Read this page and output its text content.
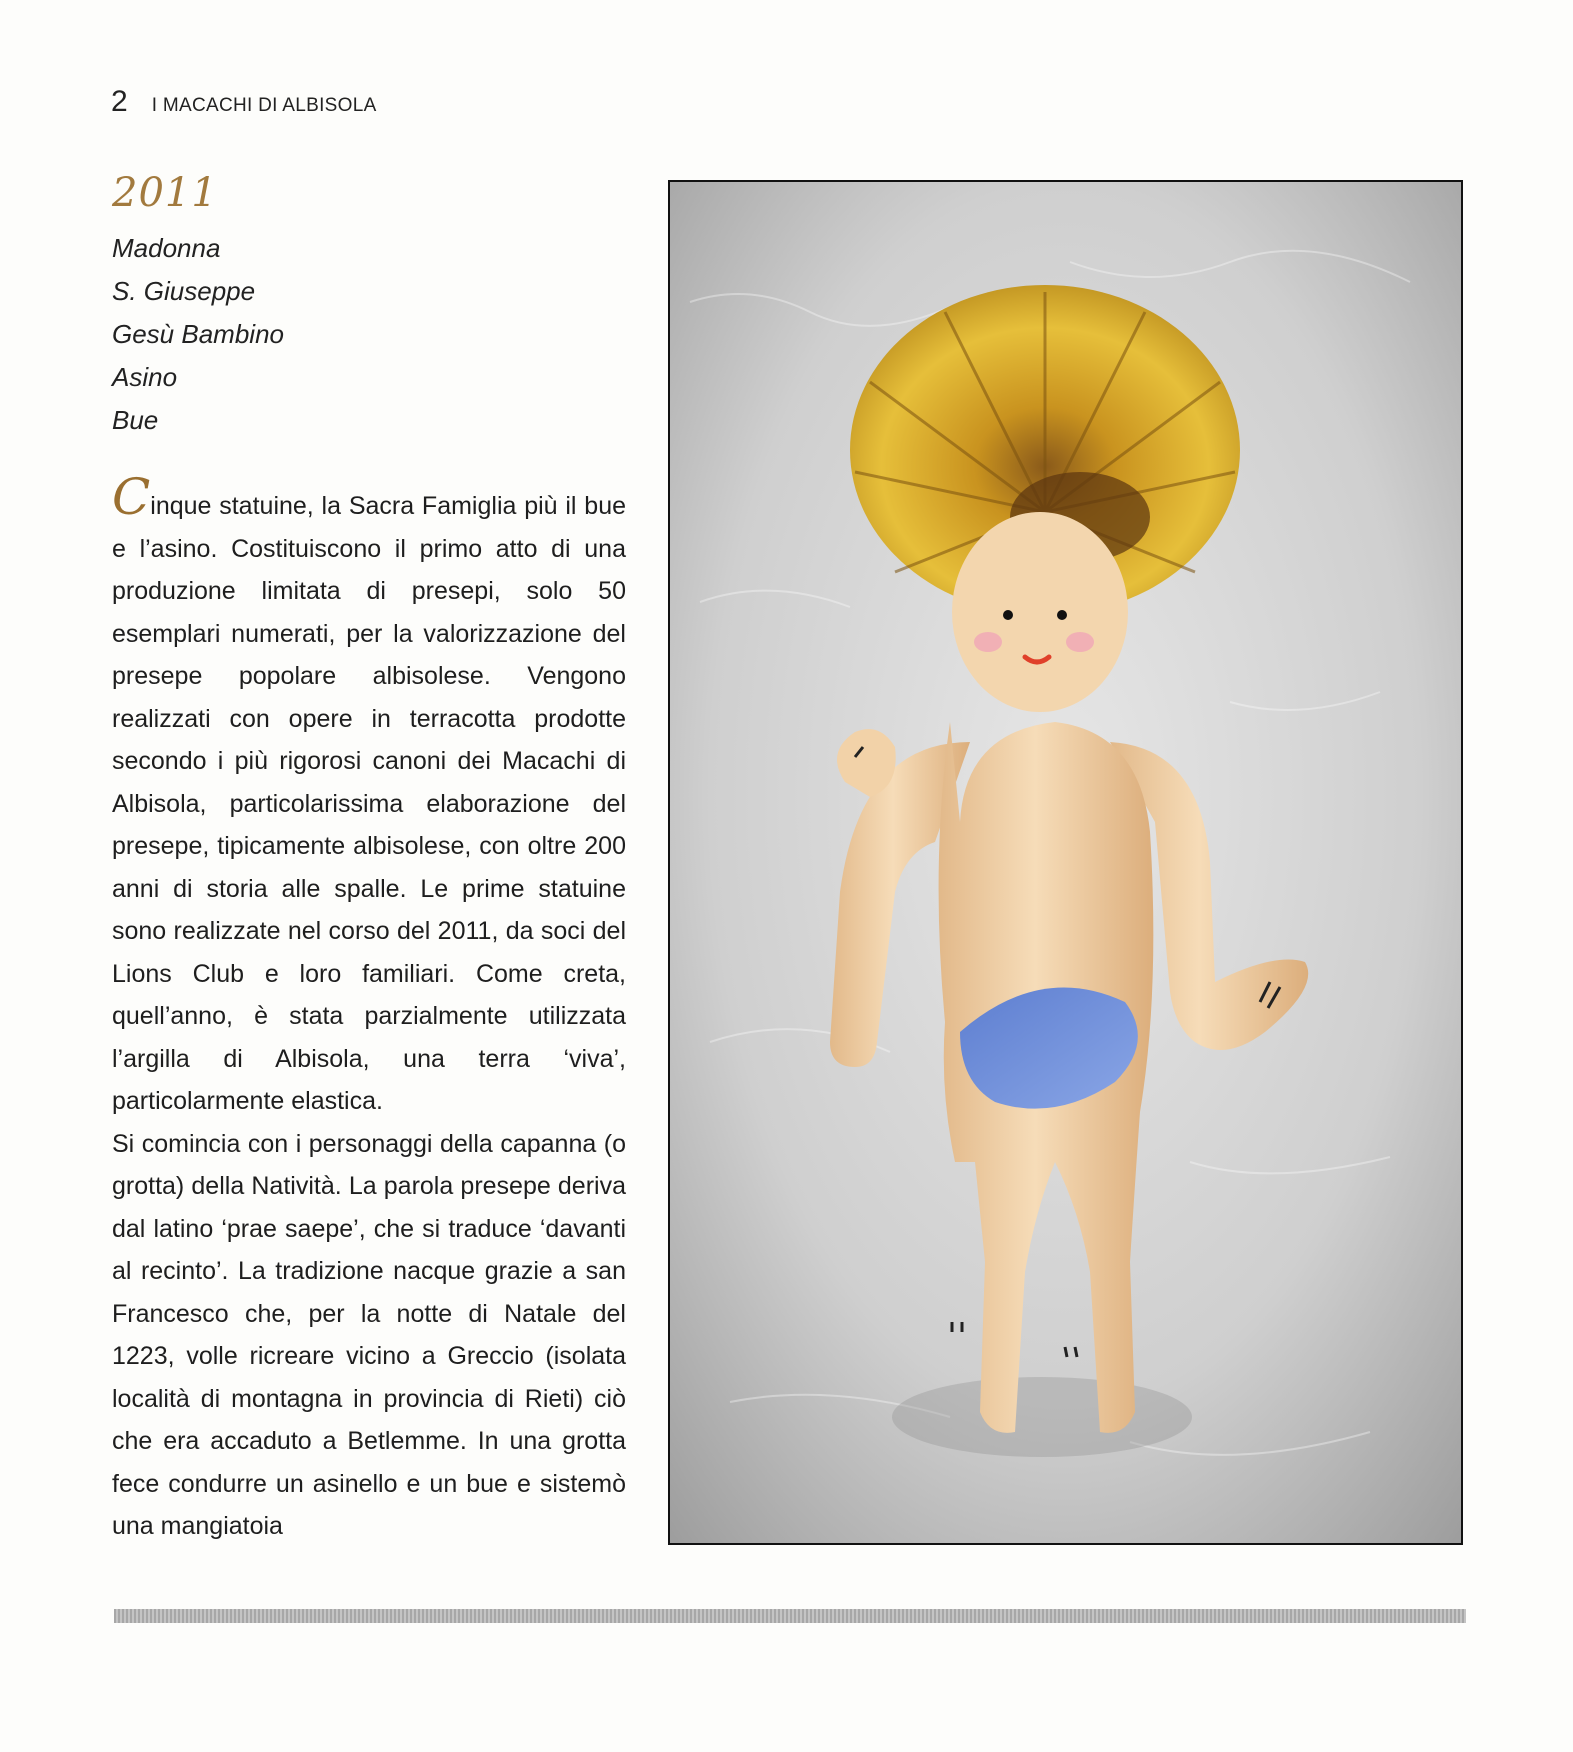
2 I MACACHI DI ALBISOLA
2011
Madonna
S. Giuseppe
Gesù Bambino
Asino
Bue

Cinque statuine, la Sacra Famiglia più il bue e l’asino. Costituiscono il primo atto di una produzione limitata di presepi, solo 50 esemplari numerati, per la valorizzazione del presepe popolare albisolese. Vengono realizzati con opere in terracotta prodotte secondo i più rigorosi canoni dei Macachi di Albisola, particolarissima elaborazione del presepe, tipicamente albisolese, con oltre 200 anni di storia alle spalle. Le prime statuine sono realizzate nel corso del 2011, da soci del Lions Club e loro familiari. Come creta, quell’anno, è stata parzialmente utilizzata l’argilla di Albisola, una terra ‘viva’, particolarmente elastica.

Si comincia con i personaggi della capanna (o grotta) della Natività. La parola presepe deriva dal latino ‘prae saepe’, che si traduce ‘davanti al recinto’. La tradizione nacque grazie a san Francesco che, per la notte di Natale del 1223, volle ricreare vicino a Greccio (isolata località di montagna in provincia di Rieti) ciò che era accaduto a Betlemme. In una grotta fece condurre un asinello e un bue e sistemò una mangiatoia
